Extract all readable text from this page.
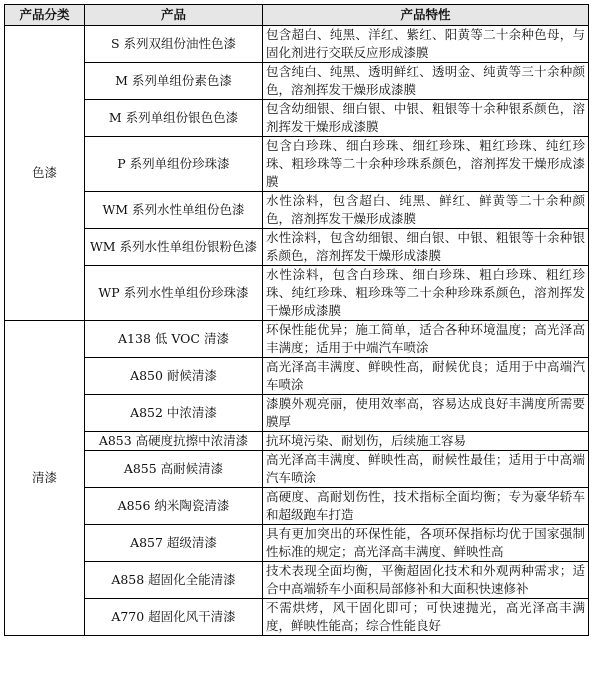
产品分类	产品	产品特性
色漆	S 系列双组份油性色漆	包含超白、纯黑、洋红、紫红、阳黄等二十余种色母，与固化剂进行交联反应形成漆膜
	M 系列单组份素色漆	包含纯白、纯黑、透明鲜红、透明金、纯黄等三十余种颜色，溶剂挥发干燥形成漆膜
	M 系列单组份银色色漆	包含幼细银、细白银、中银、粗银等十余种银系颜色，溶剂挥发干燥形成漆膜
	P 系列单组份珍珠漆	包含白珍珠、细白珍珠、细红珍珠、粗红珍珠、纯红珍珠、粗珍珠等二十余种珍珠系颜色，溶剂挥发干燥形成漆膜
	WM 系列水性单组份色漆	水性涂料，包含超白、纯黑、鲜红、鲜黄等二十余种颜色，溶剂挥发干燥形成漆膜
	WM 系列水性单组份银粉色漆	水性涂料，包含幼细银、细白银、中银、粗银等十余种银系颜色，溶剂挥发干燥形成漆膜
	WP 系列水性单组份珍珠漆	水性涂料，包含白珍珠、细白珍珠、粗白珍珠、粗红珍珠、纯红珍珠、粗珍珠等二十余种珍珠系颜色，溶剂挥发干燥形成漆膜
清漆	A138 低 VOC 清漆	环保性能优异；施工简单，适合各种环境温度；高光泽高丰满度；适用于中端汽车喷涂
	A850 耐候清漆	高光泽高丰满度、鲜映性高，耐候优良；适用于中高端汽车喷涂
	A852 中浓清漆	漆膜外观亮丽，使用效率高，容易达成良好丰满度所需要膜厚
	A853 高硬度抗擦中浓清漆	抗环境污染、耐划伤，后续施工容易
	A855 高耐候清漆	高光泽高丰满度、鲜映性高，耐候性最佳；适用于中高端汽车喷涂
	A856 纳米陶瓷清漆	高硬度、高耐划伤性，技术指标全面均衡；专为豪华轿车和超级跑车打造
	A857 超级清漆	具有更加突出的环保性能，各项环保指标均优于国家强制性标准的规定；高光泽高丰满度、鲜映性高
	A858 超固化全能清漆	技术表现全面均衡，平衡超固化技术和外观两种需求；适合中高端轿车小面积局部修补和大面积快速修补
	A770 超固化风干清漆	不需烘烤，风干固化即可；可快速抛光，高光泽高丰满度，鲜映性能高；综合性能良好
